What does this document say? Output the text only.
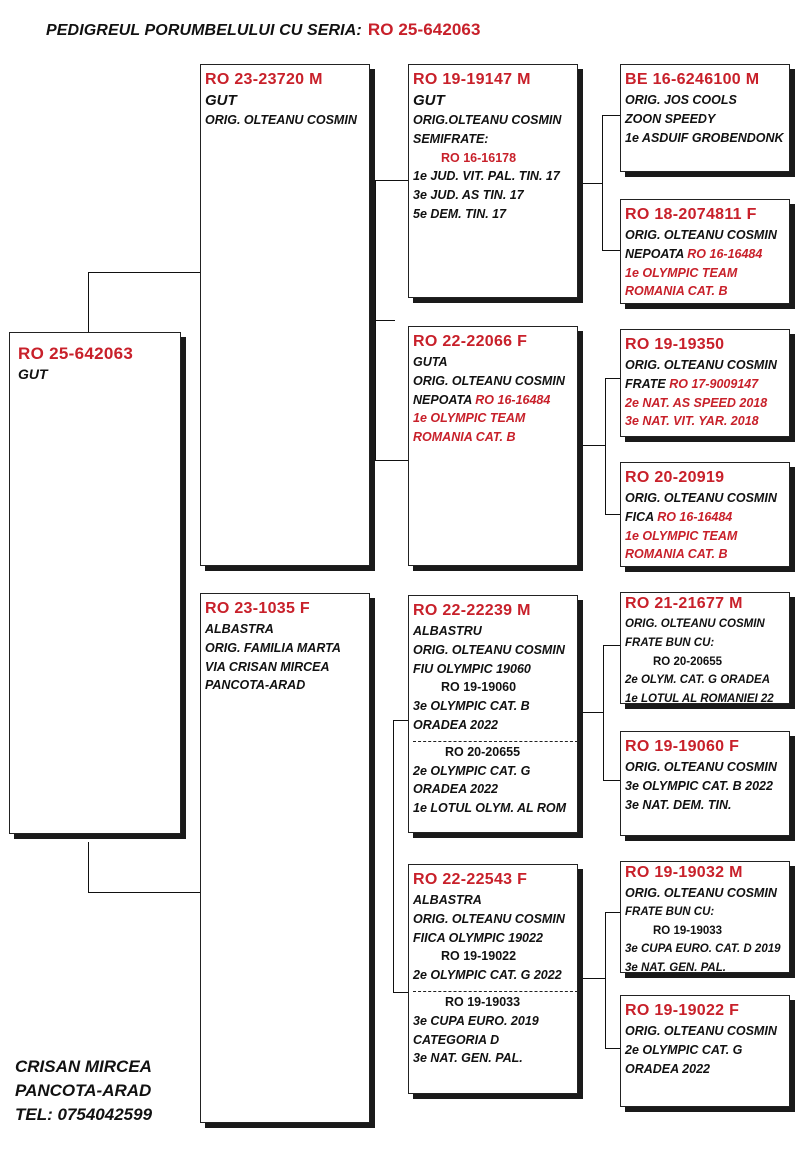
PEDIGREUL PORUMBELULUI CU SERIA: RO 25-642063
RO 25-642063
GUT
RO 23-23720 M
GUT
ORIG. OLTEANU COSMIN
RO 23-1035 F
ALBASTRA
ORIG. FAMILIA MARTA
VIA CRISAN MIRCEA
PANCOTA-ARAD
RO 19-19147 M
GUT
ORIG.OLTEANU COSMIN
SEMIFRATE:
RO 16-16178
1e JUD. VIT. PAL. TIN. 17
3e JUD. AS TIN. 17
5e DEM. TIN. 17
RO 22-22066 F
GUTA
ORIG. OLTEANU COSMIN
NEPOATA RO 16-16484
1e OLYMPIC TEAM
ROMANIA CAT. B
RO 22-22239 M
ALBASTRU
ORIG. OLTEANU COSMIN
FIU OLYMPIC 19060
RO 19-19060
3e OLYMPIC CAT. B
ORADEA 2022
RO 20-20655
2e OLYMPIC CAT. G
ORADEA 2022
1e LOTUL OLYM. AL ROM
RO 22-22543 F
ALBASTRA
ORIG. OLTEANU COSMIN
FIICA OLYMPIC 19022
RO 19-19022
2e OLYMPIC CAT. G 2022
RO 19-19033
3e CUPA EURO. 2019
CATEGORIA D
3e NAT. GEN. PAL.
BE 16-6246100 M
ORIG. JOS COOLS
ZOON SPEEDY
1e ASDUIF GROBENDONK
RO 18-2074811 F
ORIG. OLTEANU COSMIN
NEPOATA RO 16-16484
1e OLYMPIC TEAM
ROMANIA CAT. B
RO 19-19350
ORIG. OLTEANU COSMIN
FRATE RO 17-9009147
2e NAT. AS SPEED 2018
3e NAT. VIT. YAR. 2018
RO 20-20919
ORIG. OLTEANU COSMIN
FICA RO 16-16484
1e OLYMPIC TEAM
ROMANIA CAT. B
RO 21-21677 M
ORIG. OLTEANU COSMIN
FRATE BUN CU:
RO 20-20655
2e OLYM. CAT. G ORADEA
1e LOTUL AL ROMANIEI 22
RO 19-19060 F
ORIG. OLTEANU COSMIN
3e OLYMPIC CAT. B 2022
3e NAT. DEM. TIN.
RO 19-19032 M
ORIG. OLTEANU COSMIN
FRATE BUN CU:
RO 19-19033
3e CUPA EURO. CAT. D 2019
3e NAT. GEN. PAL.
RO 19-19022 F
ORIG. OLTEANU COSMIN
2e OLYMPIC CAT. G
ORADEA 2022
CRISAN MIRCEA
PANCOTA-ARAD
TEL: 0754042599
